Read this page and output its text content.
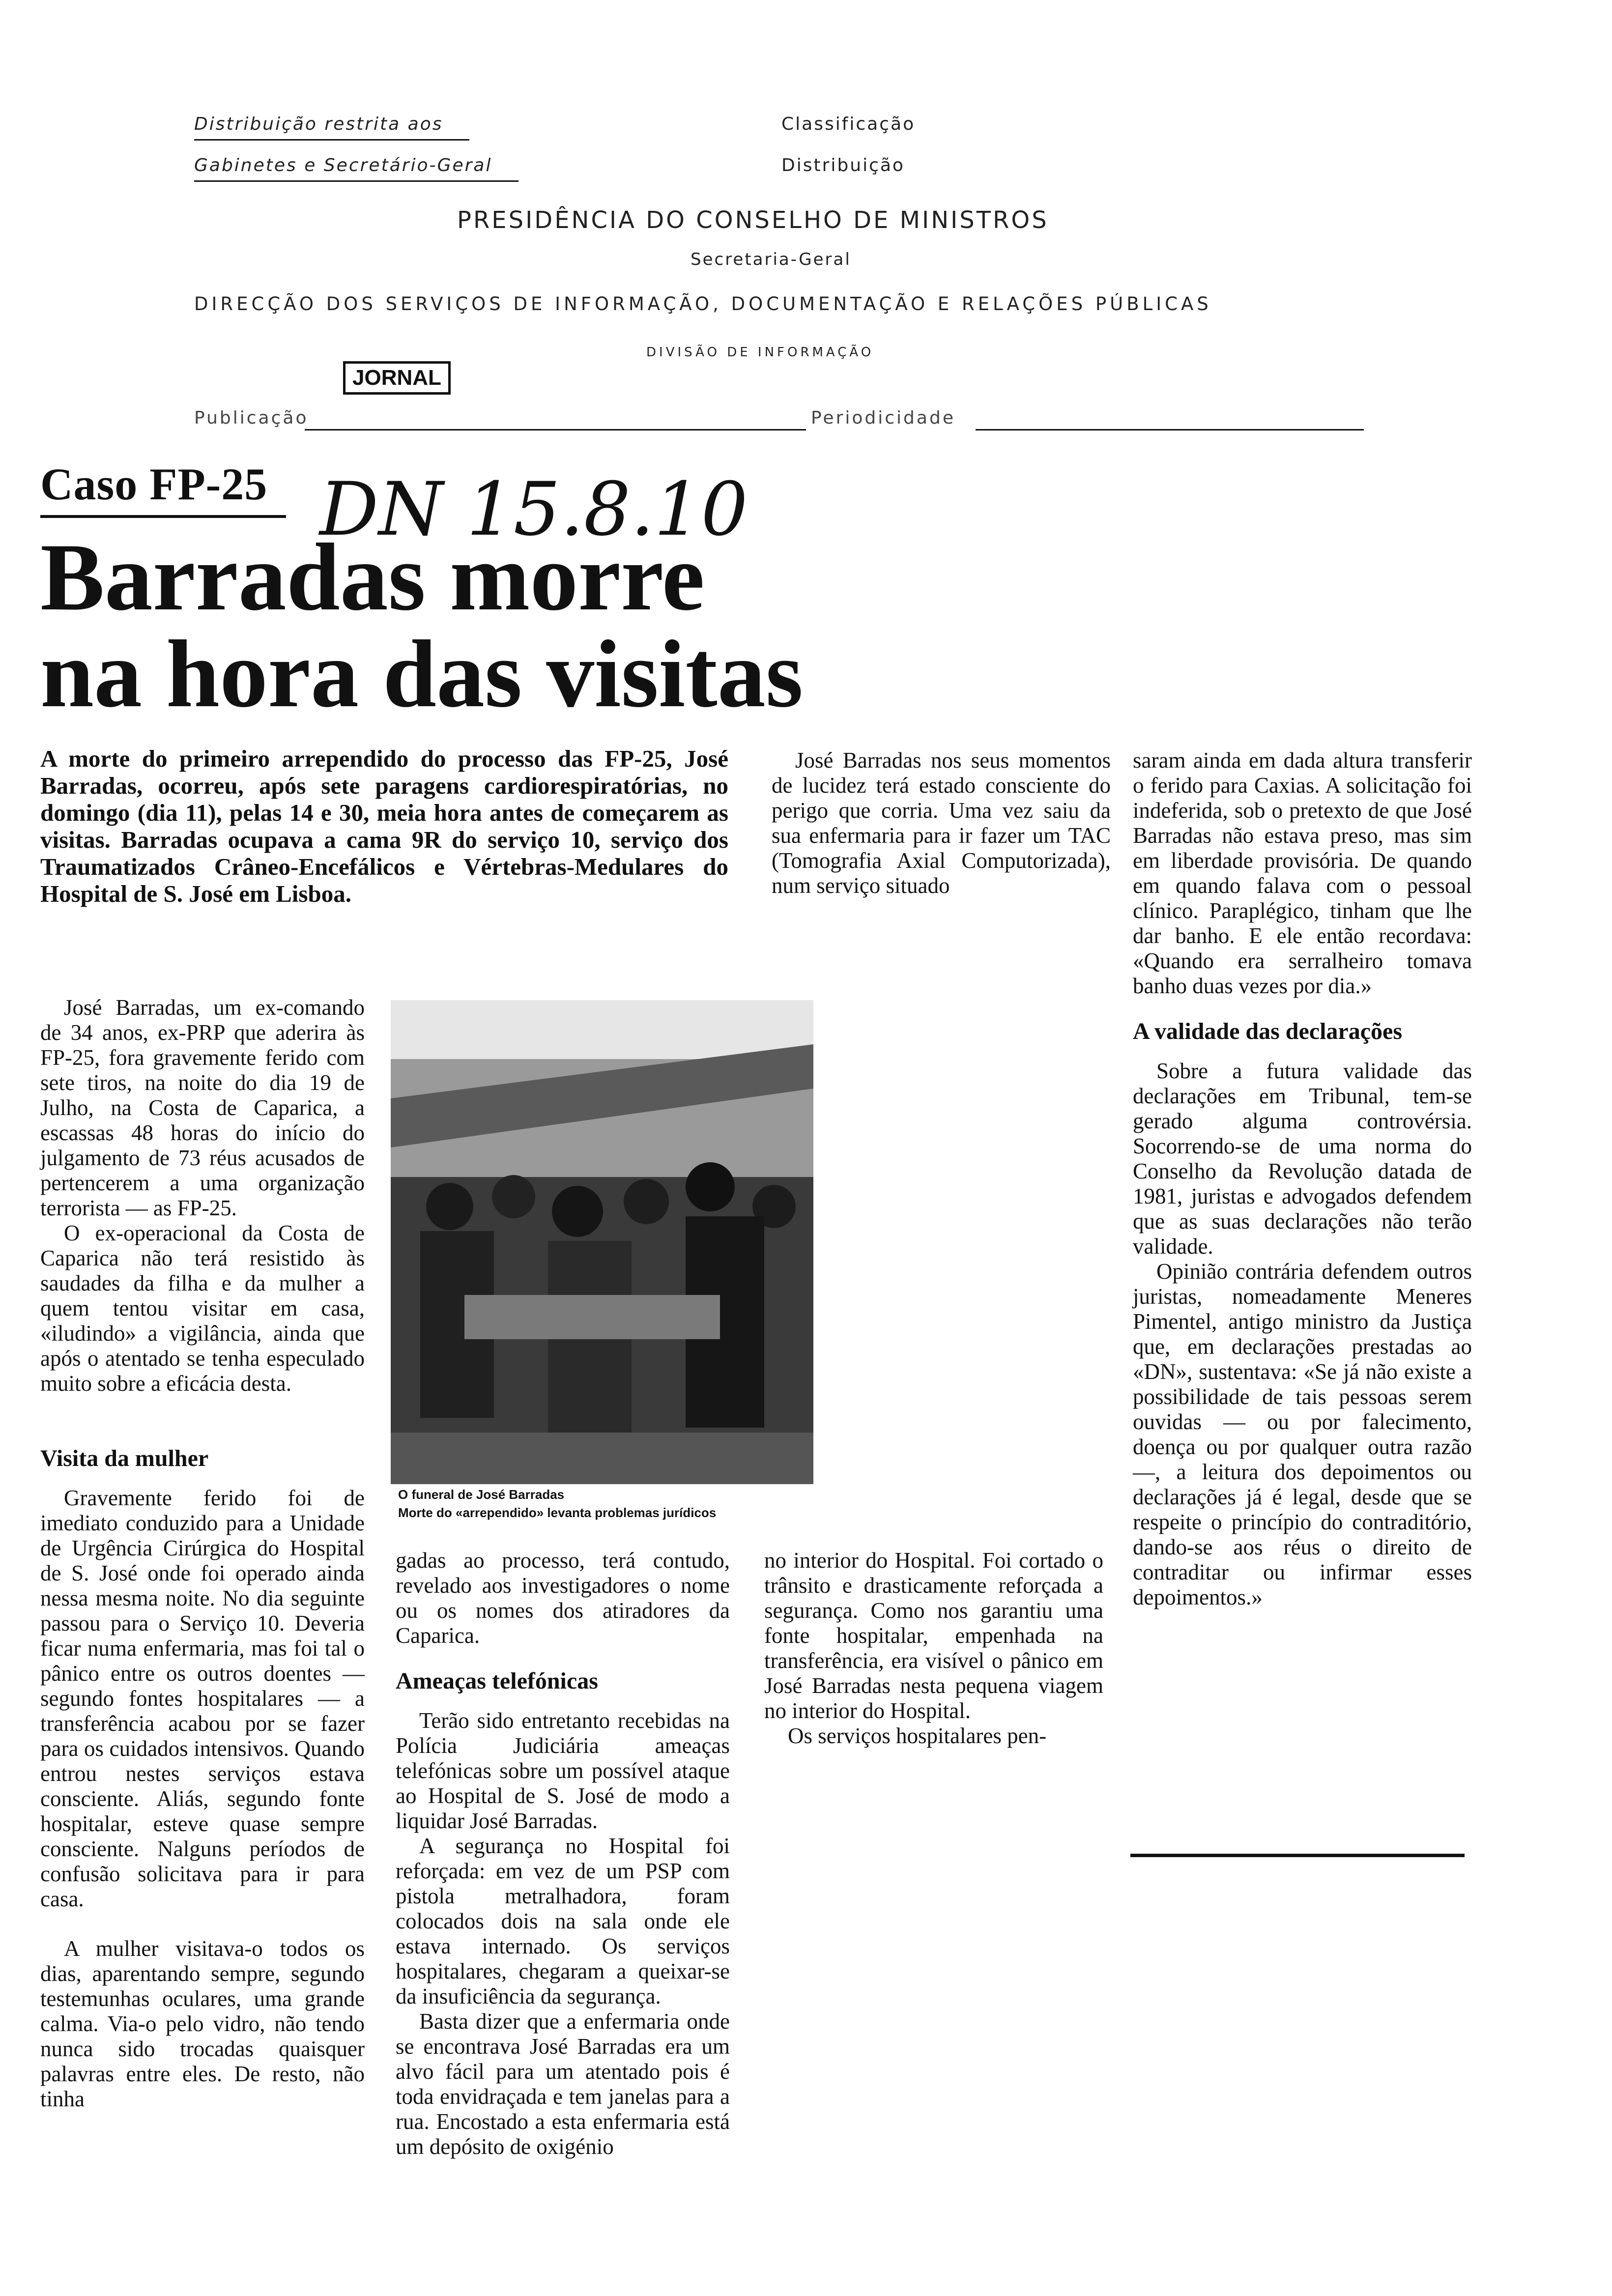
Distribuição restrita aos
Gabinetes e Secretário-Geral
Classificação
Distribuição
PRESIDÊNCIA DO CONSELHO DE MINISTROS
Secretaria-Geral
DIRECÇÃO DOS SERVIÇOS DE INFORMAÇÃO, DOCUMENTAÇÃO E RELAÇÕES PÚBLICAS
DIVISÃO DE INFORMAÇÃO
JORNAL
Publicação	Periodicidade
Caso FP-25 DN 15.8.10
Barradas morre
na hora das visitas
A morte do primeiro arrependido do processo das FP-25, José Barradas, ocorreu, após sete paragens cardiorespiratórias, no domingo (dia 11), pelas 14 e 30, meia hora antes de começarem as visitas. Barradas ocupava a cama 9R do serviço 10, serviço dos Traumatizados Crâneo-Encefálicos e Vértebras-Medulares do Hospital de S. José em Lisboa.

José Barradas nos seus momentos de lucidez terá estado consciente do perigo que corria. Uma vez saiu da sua enfermaria para ir fazer um TAC (Tomografia Axial Computorizada), num serviço situado

saram ainda em dada altura transferir o ferido para Caxias. A solicitação foi indeferida, sob o pretexto de que José Barradas não estava preso, mas sim em liberdade provisória. De quando em quando falava com o pessoal clínico. Paraplégico, tinham que lhe dar banho. E ele então recordava: «Quando era serralheiro tomava banho duas vezes por dia.»

A validade das declarações

Sobre a futura validade das declarações em Tribunal, tem-se gerado alguma controvérsia. Socorrendo-se de uma norma do Conselho da Revolução datada de 1981, juristas e advogados defendem que as suas declarações não terão validade.

Opinião contrária defendem outros juristas, nomeadamente Meneres Pimentel, antigo ministro da Justiça que, em declarações prestadas ao «DN», sustentava: «Se já não existe a possibilidade de tais pessoas serem ouvidas — ou por falecimento, doença ou por qualquer outra razão —, a leitura dos depoimentos ou declarações já é legal, desde que se respeite o princípio do contraditório, dando-se aos réus o direito de contraditar ou infirmar esses depoimentos.»

José Barradas, um ex-comando de 34 anos, ex-PRP que aderira às FP-25, fora gravemente ferido com sete tiros, na noite do dia 19 de Julho, na Costa de Caparica, a escassas 48 horas do início do julgamento de 73 réus acusados de pertencerem a uma organização terrorista — as FP-25.

O ex-operacional da Costa de Caparica não terá resistido às saudades da filha e da mulher a quem tentou visitar em casa, «iludindo» a vigilância, ainda que após o atentado se tenha especulado muito sobre a eficácia desta.

Visita da mulher

Gravemente ferido foi de imediato conduzido para a Unidade de Urgência Cirúrgica do Hospital de S. José onde foi operado ainda nessa mesma noite. No dia seguinte passou para o Serviço 10. Deveria ficar numa enfermaria, mas foi tal o pânico entre os outros doentes — segundo fontes hospitalares — a transferência acabou por se fazer para os cuidados intensivos. Quando entrou nestes serviços estava consciente. Aliás, segundo fonte hospitalar, esteve quase sempre consciente. Nalguns períodos de confusão solicitava para ir para casa.

A mulher visitava-o todos os dias, aparentando sempre, segundo testemunhas oculares, uma grande calma. Via-o pelo vidro, não tendo nunca sido trocadas quaisquer palavras entre eles. De resto, não tinha

O funeral de José Barradas
Morte do «arrependido» levanta problemas jurídicos

gadas ao processo, terá contudo, revelado aos investigadores o nome ou os nomes dos atiradores da Caparica.

Ameaças telefónicas

Terão sido entretanto recebidas na Polícia Judiciária ameaças telefónicas sobre um possível ataque ao Hospital de S. José de modo a liquidar José Barradas.

A segurança no Hospital foi reforçada: em vez de um PSP com pistola metralhadora, foram colocados dois na sala onde ele estava internado. Os serviços hospitalares, chegaram a queixar-se da insuficiência da segurança.

Basta dizer que a enfermaria onde se encontrava José Barradas era um alvo fácil para um atentado pois é toda envidraçada e tem janelas para a rua. Encostado a esta enfermaria está um depósito de oxigénio

no interior do Hospital. Foi cortado o trânsito e drasticamente reforçada a segurança. Como nos garantiu uma fonte hospitalar, empenhada na transferência, era visível o pânico em José Barradas nesta pequena viagem no interior do Hospital.

Os serviços hospitalares pen-
